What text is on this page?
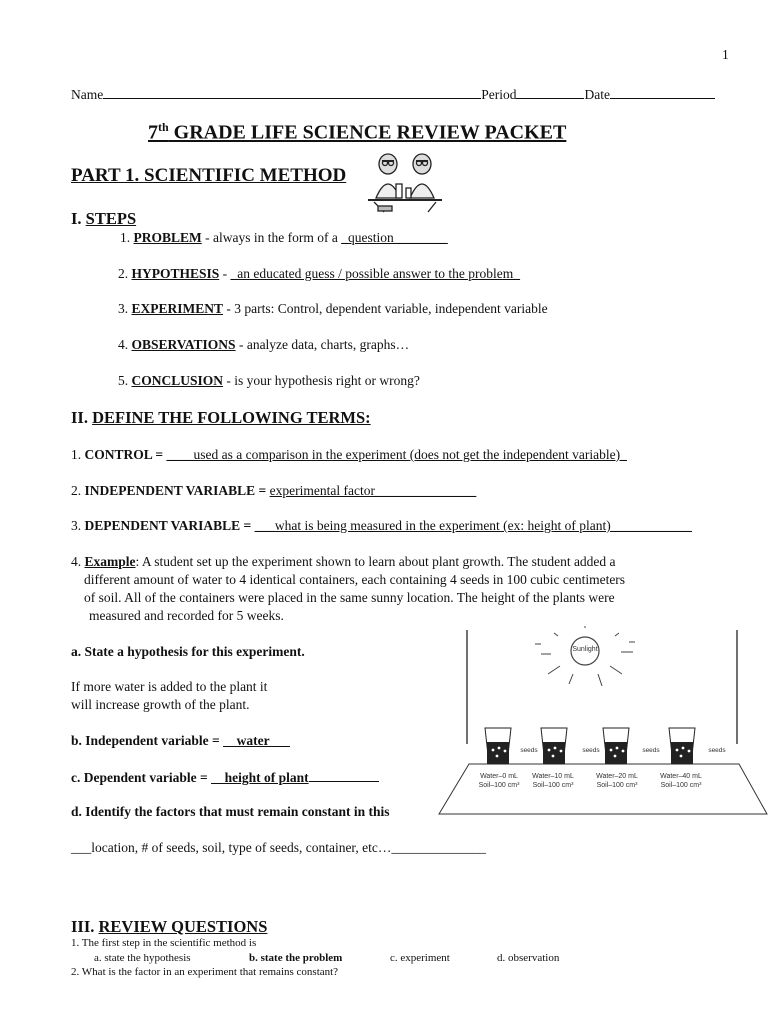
1
Name	Period	Date
7th GRADE LIFE SCIENCE REVIEW PACKET
PART 1. SCIENTIFIC METHOD
I. STEPS
1. PROBLEM - always in the form of a _question________
2. HYPOTHESIS - _an educated guess / possible answer to the problem_
3. EXPERIMENT - 3 parts: Control, dependent variable, independent variable
4. OBSERVATIONS - analyze data, charts, graphs…
5. CONCLUSION - is your hypothesis right or wrong?
II. DEFINE THE FOLLOWING TERMS:
1. CONTROL = ____used as a comparison in the experiment (does not get the independent variable)_
2. INDEPENDENT VARIABLE = experimental factor_______________
3. DEPENDENT VARIABLE = ___what is being measured in the experiment (ex: height of plant)____________
4. Example: A student set up the experiment shown to learn about plant growth. The student added a
different amount of water to 4 identical containers, each containing 4 seeds in 100 cubic centimeters
of soil. All of the containers were placed in the same sunny location. The height of the plants were
measured and recorded for 5 weeks.
Sunlight
Water–0 mL
Soil–100 cm³
seeds
Water–10 mL
Soil–100 cm³
seeds
Water–20 mL
Soil–100 cm³
seeds
Water–40 mL
Soil–100 cm³
seeds
a. State a hypothesis for this experiment.
If more water is added to the plant it
will increase growth of the plant.
b. Independent variable = __water___
c. Dependent variable = __height of plant
d. Identify the factors that must remain constant in this
___location, # of seeds, soil, type of seeds, container, etc…______________
III. REVIEW QUESTIONS
1. The first step in the scientific method is
a. state the hypothesis	b. state the problem	c. experiment	d. observation
2. What is the factor in an experiment that remains constant?
